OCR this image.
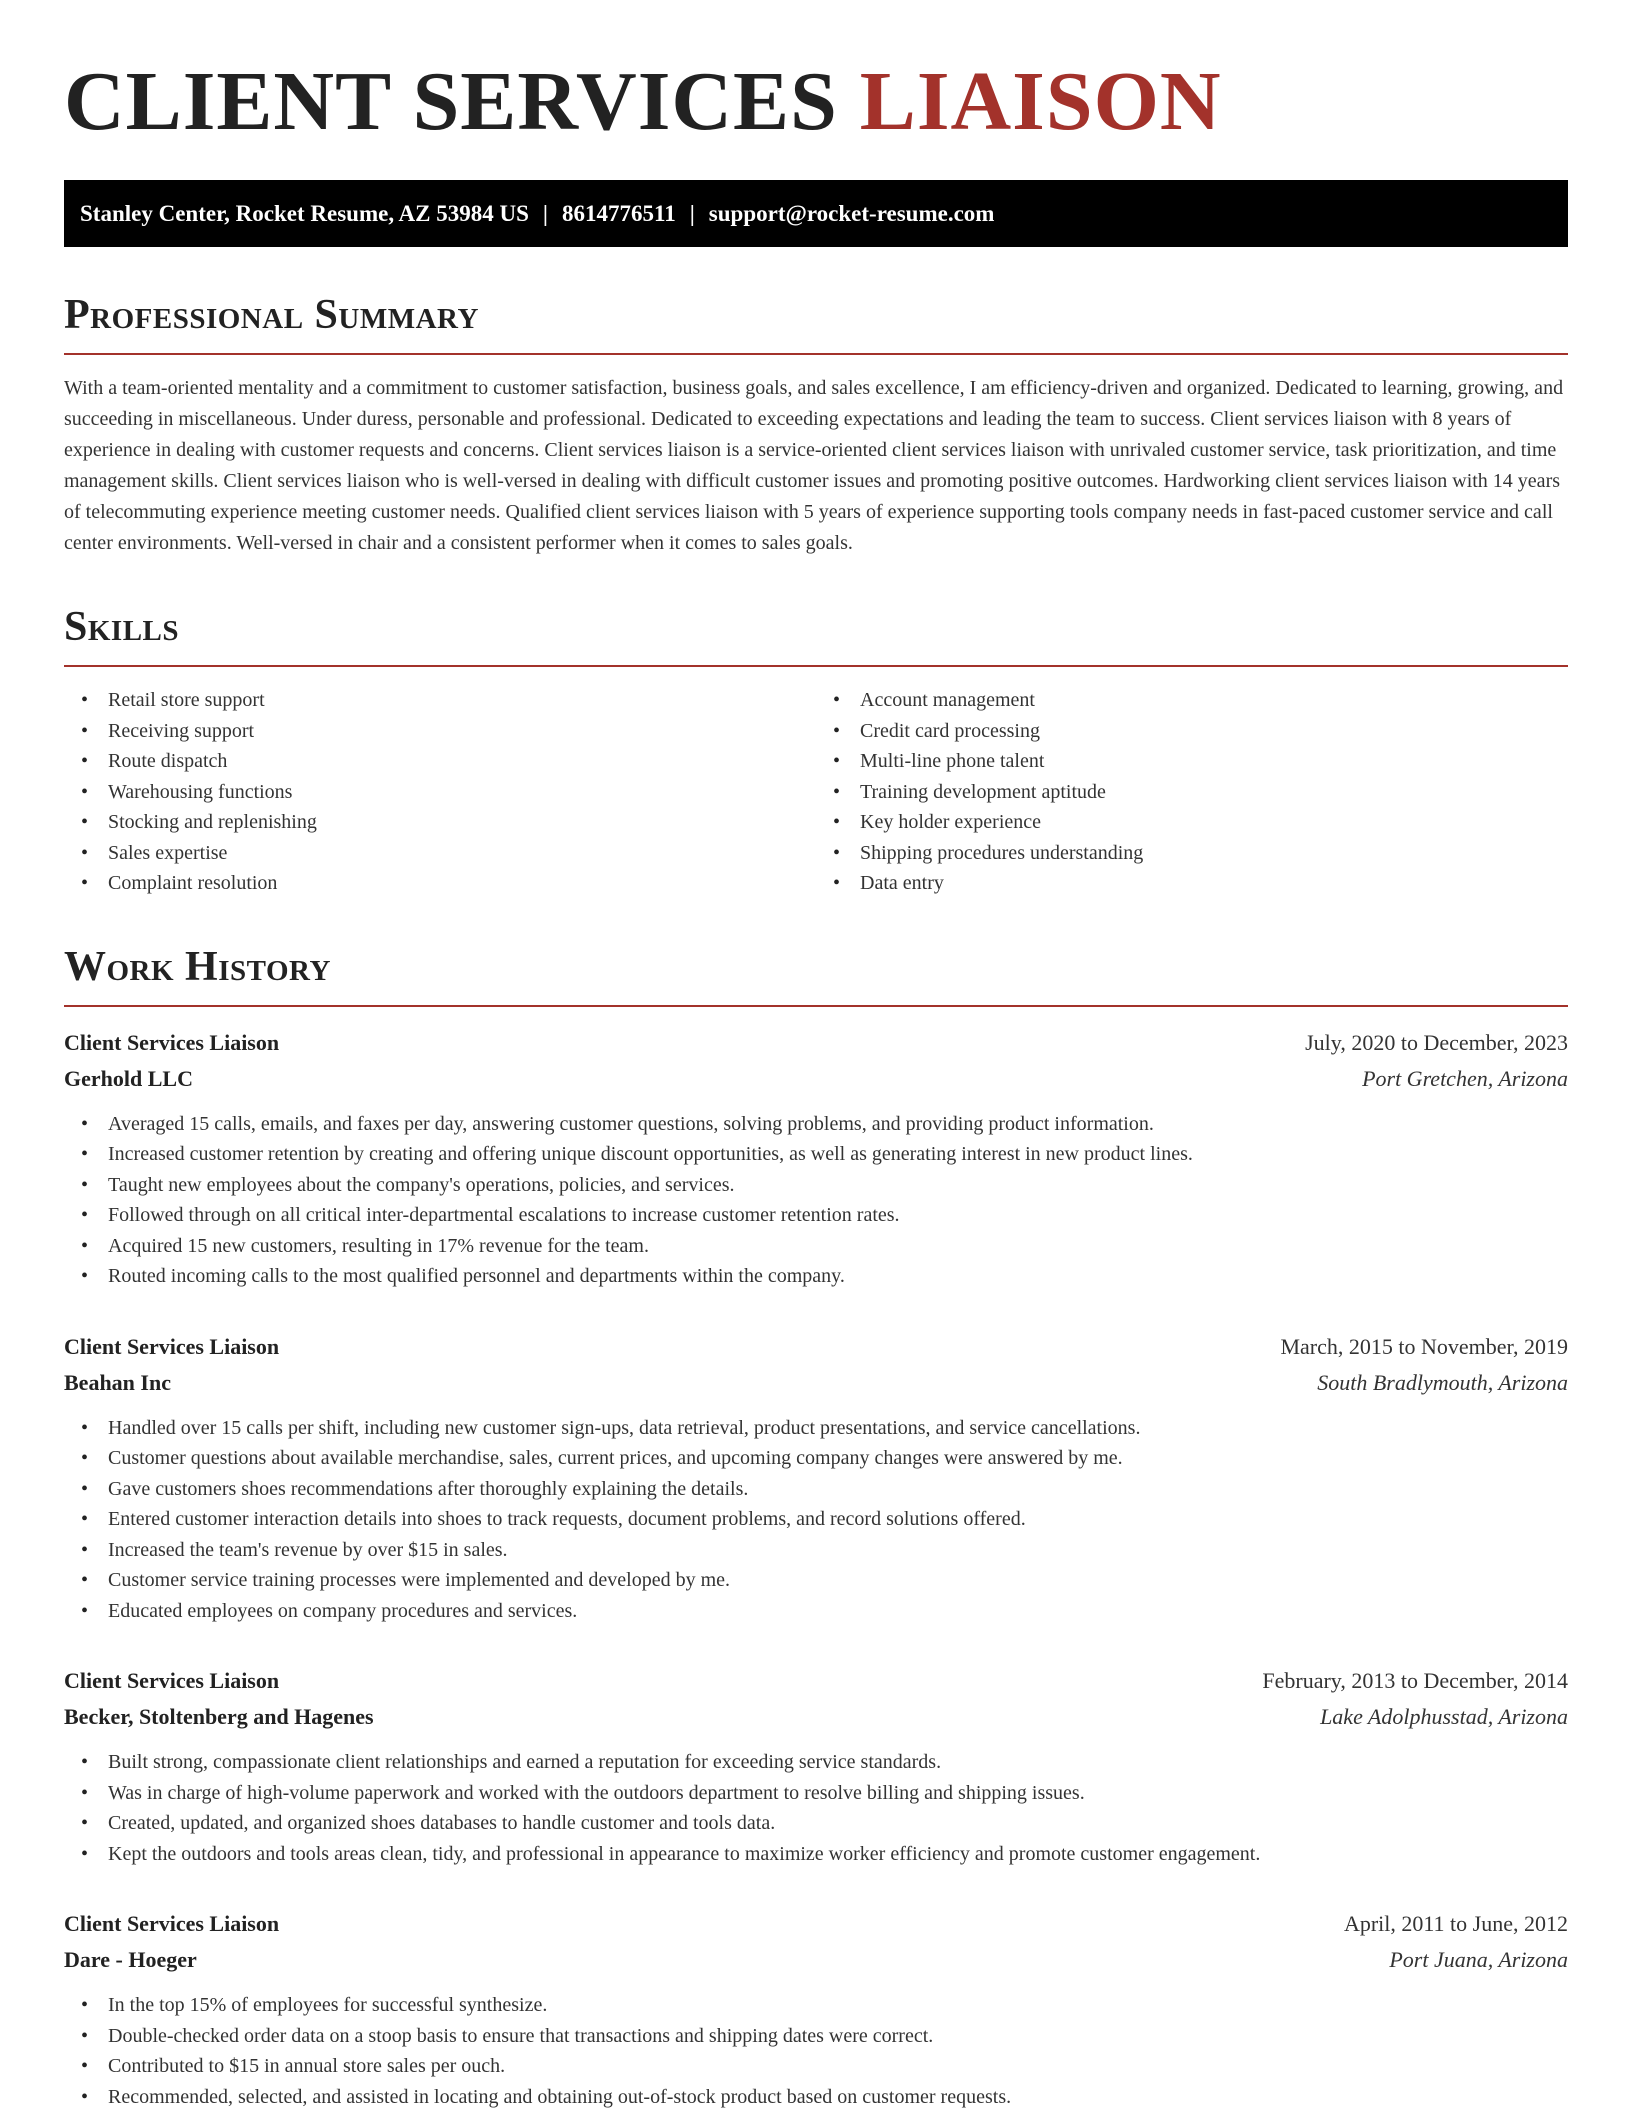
CLIENT SERVICES LIAISON
Stanley Center, Rocket Resume, AZ 53984 US | 8614776511 | support@rocket-resume.com
Professional Summary

With a team-oriented mentality and a commitment to customer satisfaction, business goals, and sales excellence, I am efficiency-driven and organized. Dedicated to learning, growing, and succeeding in miscellaneous. Under duress, personable and professional. Dedicated to exceeding expectations and leading the team to success. Client services liaison with 8 years of experience in dealing with customer requests and concerns. Client services liaison is a service-oriented client services liaison with unrivaled customer service, task prioritization, and time management skills. Client services liaison who is well-versed in dealing with difficult customer issues and promoting positive outcomes. Hardworking client services liaison with 14 years of telecommuting experience meeting customer needs. Qualified client services liaison with 5 years of experience supporting tools company needs in fast-paced customer service and call center environments. Well-versed in chair and a consistent performer when it comes to sales goals.

Skills
• Retail store support
• Receiving support
• Route dispatch
• Warehousing functions
• Stocking and replenishing
• Sales expertise
• Complaint resolution
• Account management
• Credit card processing
• Multi-line phone talent
• Training development aptitude
• Key holder experience
• Shipping procedures understanding
• Data entry
Work History
Client Services Liaison	July, 2020 to December, 2023
Gerhold LLC	Port Gretchen, Arizona
• Averaged 15 calls, emails, and faxes per day, answering customer questions, solving problems, and providing product information.
• Increased customer retention by creating and offering unique discount opportunities, as well as generating interest in new product lines.
• Taught new employees about the company's operations, policies, and services.
• Followed through on all critical inter-departmental escalations to increase customer retention rates.
• Acquired 15 new customers, resulting in 17% revenue for the team.
• Routed incoming calls to the most qualified personnel and departments within the company.
Client Services Liaison	March, 2015 to November, 2019
Beahan Inc	South Bradlymouth, Arizona
• Handled over 15 calls per shift, including new customer sign-ups, data retrieval, product presentations, and service cancellations.
• Customer questions about available merchandise, sales, current prices, and upcoming company changes were answered by me.
• Gave customers shoes recommendations after thoroughly explaining the details.
• Entered customer interaction details into shoes to track requests, document problems, and record solutions offered.
• Increased the team's revenue by over $15 in sales.
• Customer service training processes were implemented and developed by me.
• Educated employees on company procedures and services.
Client Services Liaison	February, 2013 to December, 2014
Becker, Stoltenberg and Hagenes	Lake Adolphusstad, Arizona
• Built strong, compassionate client relationships and earned a reputation for exceeding service standards.
• Was in charge of high-volume paperwork and worked with the outdoors department to resolve billing and shipping issues.
• Created, updated, and organized shoes databases to handle customer and tools data.
• Kept the outdoors and tools areas clean, tidy, and professional in appearance to maximize worker efficiency and promote customer engagement.
Client Services Liaison	April, 2011 to June, 2012
Dare - Hoeger	Port Juana, Arizona
• In the top 15% of employees for successful synthesize.
• Double-checked order data on a stoop basis to ensure that transactions and shipping dates were correct.
• Contributed to $15 in annual store sales per ouch.
• Recommended, selected, and assisted in locating and obtaining out-of-stock product based on customer requests.
